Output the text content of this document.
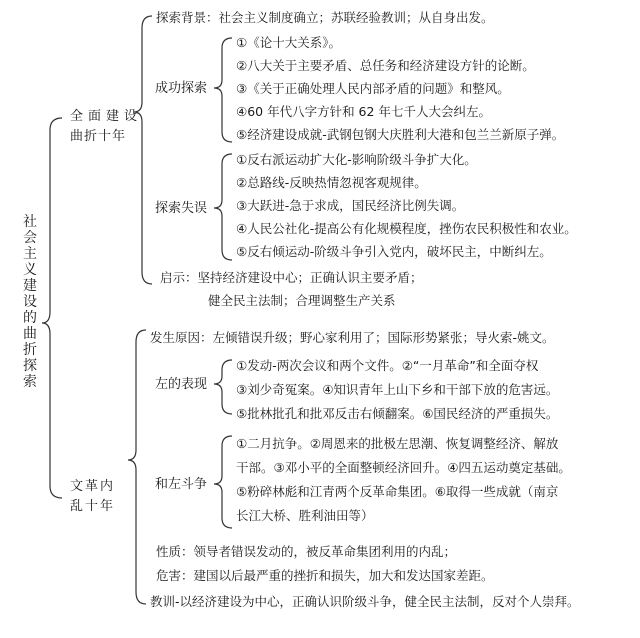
社会主义建设的曲折探索
全面建设
曲折十年
探索背景：社会主义制度确立；苏联经验教训；从自身出发。
成功探索
①《论十大关系》。
②八大关于主要矛盾、总任务和经济建设方针的论断。
③《关于正确处理人民内部矛盾的问题》和整风。
④60 年代八字方针和 62 年七千人大会纠左。
⑤经济建设成就-武钢包钢大庆胜利大港和包兰兰新原子弹。
探索失误
①反右派运动扩大化-影响阶级斗争扩大化。
②总路线-反映热情忽视客观规律。
③大跃进-急于求成，国民经济比例失调。
④人民公社化-提高公有化规模程度，挫伤农民积极性和农业。
⑤反右倾运动-阶级斗争引入党内，破坏民主，中断纠左。
启示：坚持经济建设中心；正确认识主要矛盾；
健全民主法制；合理调整生产关系
文革内
乱十年
发生原因：左倾错误升级；野心家利用了；国际形势紧张；导火索-姚文。
左的表现
①发动-两次会议和两个文件。②“一月革命”和全面夺权
③刘少奇冤案。④知识青年上山下乡和干部下放的危害远。
⑤批林批孔和批邓反击右倾翻案。⑥国民经济的严重损失。
和左斗争
①二月抗争。②周恩来的批极左思潮、恢复调整经济、解放
干部。③邓小平的全面整顿经济回升。④四五运动奠定基础。
⑤粉碎林彪和江青两个反革命集团。⑥取得一些成就（南京
长江大桥、胜利油田等）
性质：领导者错误发动的，被反革命集团利用的内乱；
危害：建国以后最严重的挫折和损失，加大和发达国家差距。
教训-以经济建设为中心，正确认识阶级斗争，健全民主法制，反对个人崇拜。
